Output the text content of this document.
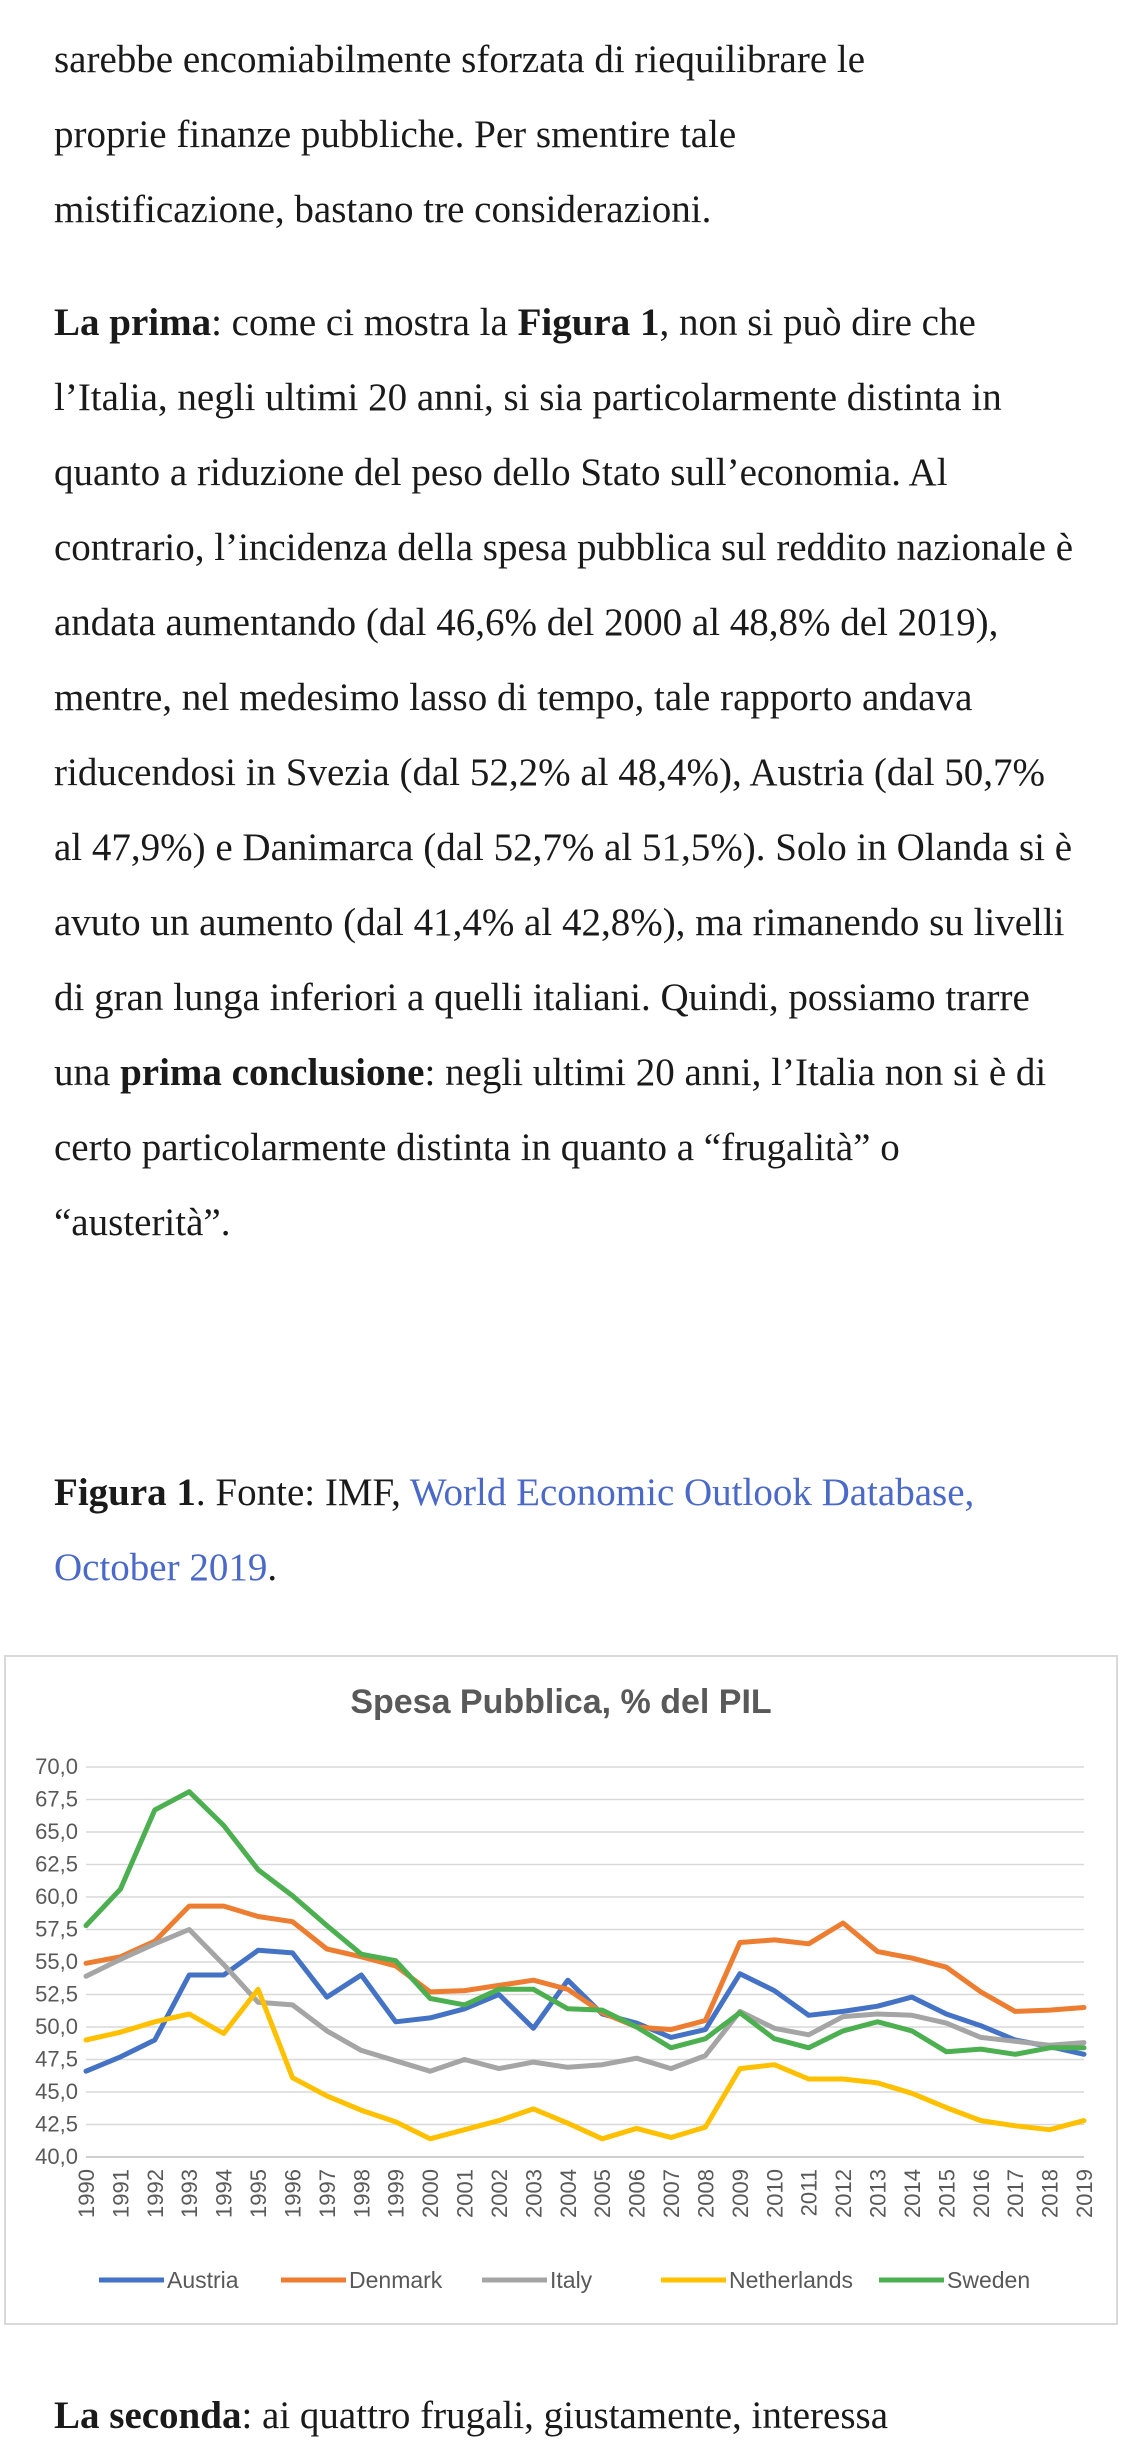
sarebbe encomiabilmente sforzata di riequilibrare le

proprie finanze pubbliche. Per smentire tale

mistificazione, bastano tre considerazioni.

La prima: come ci mostra la Figura 1, non si può dire che l’Italia, negli ultimi 20 anni, si sia particolarmente distinta in quanto a riduzione del peso dello Stato sull’economia. Al contrario, l’incidenza della spesa pubblica sul reddito nazionale è andata aumentando (dal 46,6% del 2000 al 48,8% del 2019), mentre, nel medesimo lasso di tempo, tale rapporto andava riducendosi in Svezia (dal 52,2% al 48,4%), Austria (dal 50,7% al 47,9%) e Danimarca (dal 52,7% al 51,5%). Solo in Olanda si è avuto un aumento (dal 41,4% al 42,8%), ma rimanendo su livelli di gran lunga inferiori a quelli italiani. Quindi, possiamo trarre una prima conclusione: negli ultimi 20 anni, l’Italia non si è di certo particolarmente distinta in quanto a “frugalità” o “austerità”.

Figura 1. Fonte: IMF, World Economic Outlook Database, October 2019.

Spesa Pubblica, % del PIL
70,0
67,5
65,0
62,5
60,0
57,5
55,0
52,5
50,0
47,5
45,0
42,5
40,0
1990 1991 1992 1993 1994 1995 1996 1997 1998 1999 2000 2001 2002 2003 2004 2005 2006 2007 2008 2009 2010 2011 2012 2013 2014 2015 2016 2017 2018 2019
Austria	Denmark	Italy	Netherlands	Sweden

La seconda: ai quattro frugali, giustamente, interessa
